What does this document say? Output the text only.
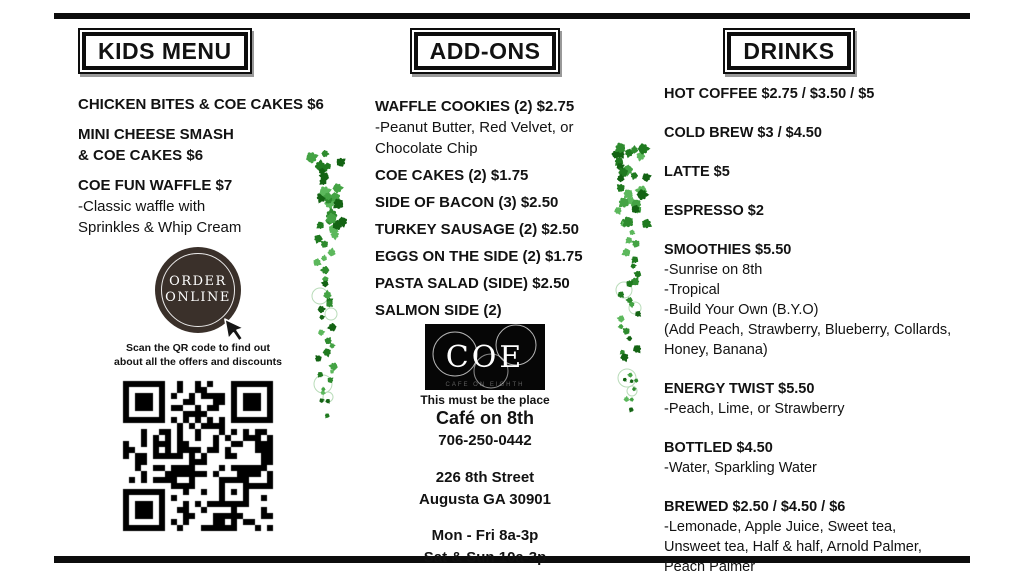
KIDS MENU
CHICKEN BITES & COE CAKES $6
MINI CHEESE SMASH
& COE CAKES $6
COE FUN WAFFLE $7
-Classic waffle with
Sprinkles & Whip Cream
ORDER
ONLINE
Scan the QR code to find out
about all the offers and discounts
ADD-ONS
WAFFLE COOKIES (2) $2.75
-Peanut Butter, Red Velvet, or
Chocolate Chip
COE CAKES (2) $1.75
SIDE OF BACON (3) $2.50
TURKEY SAUSAGE (2) $2.50
EGGS ON THE SIDE (2) $1.75
PASTA SALAD (SIDE) $2.50
SALMON SIDE (2)
COE
CAFE ON EIGHTH
This must be the place
Café on 8th
706-250-0442
226 8th Street
Augusta GA 30901
Mon - Fri 8a-3p
Sat & Sun 10a-3p
DRINKS
HOT COFFEE $2.75 / $3.50 / $5
COLD BREW $3 / $4.50
LATTE $5
ESPRESSO $2
SMOOTHIES $5.50
-Sunrise on 8th
-Tropical
-Build Your Own (B.Y.O)
(Add Peach, Strawberry, Blueberry, Collards,
Honey, Banana)
ENERGY TWIST $5.50
-Peach, Lime, or Strawberry
BOTTLED $4.50
-Water, Sparkling Water
BREWED $2.50 / $4.50 / $6
-Lemonade, Apple Juice, Sweet tea,
Unsweet tea, Half & half, Arnold Palmer,
Peach Palmer
